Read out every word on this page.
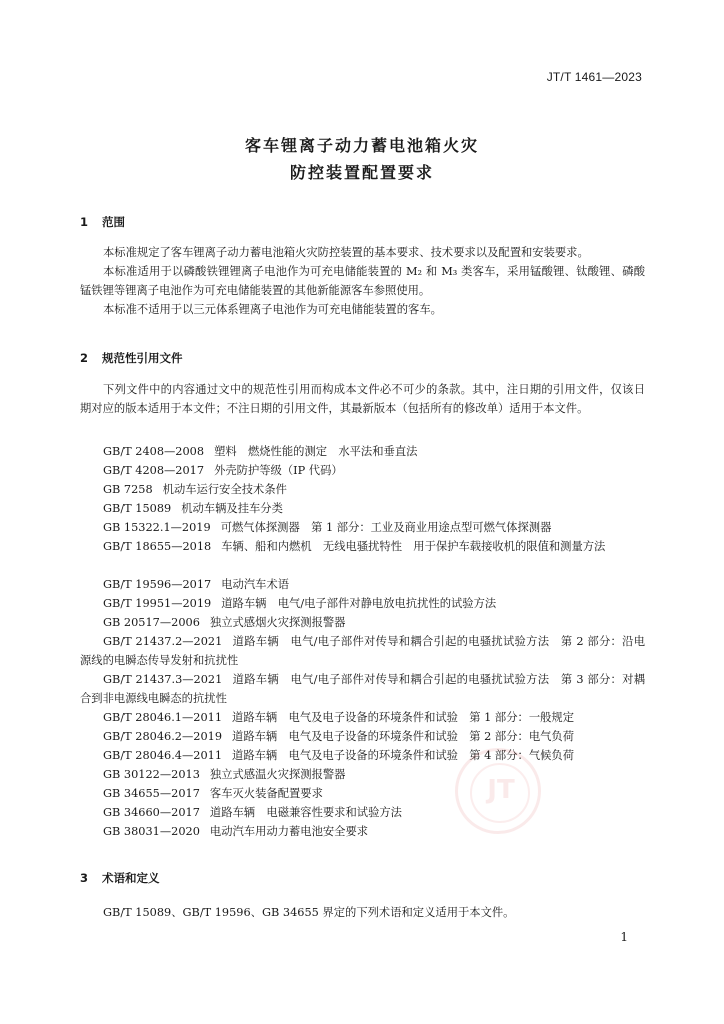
JT/T 1461—2023
客车锂离子动力蓄电池箱火灾
防控装置配置要求
1 范围
本标准规定了客车锂离子动力蓄电池箱火灾防控装置的基本要求、技术要求以及配置和安装要求。
本标准适用于以磷酸铁锂锂离子电池作为可充电储能装置的 M₂ 和 M₃ 类客车，采用锰酸锂、钛酸锂、磷酸锰铁锂等锂离子电池作为可充电储能装置的其他新能源客车参照使用。
本标准不适用于以三元体系锂离子电池作为可充电储能装置的客车。
2 规范性引用文件
下列文件中的内容通过文中的规范性引用而构成本文件必不可少的条款。其中，注日期的引用文件，仅该日期对应的版本适用于本文件；不注日期的引用文件，其最新版本（包括所有的修改单）适用于本文件。
GB/T 2408—2008 塑料　燃烧性能的测定　水平法和垂直法
GB/T 4208—2017 外壳防护等级（IP 代码）
GB 7258 机动车运行安全技术条件
GB/T 15089 机动车辆及挂车分类
GB 15322.1—2019 可燃气体探测器　第 1 部分：工业及商业用途点型可燃气体探测器
GB/T 18655—2018 车辆、船和内燃机　无线电骚扰特性　用于保护车载接收机的限值和测量方法
GB/T 19596—2017 电动汽车术语
GB/T 19951—2019 道路车辆　电气/电子部件对静电放电抗扰性的试验方法
GB 20517—2006 独立式感烟火灾探测报警器
GB/T 21437.2—2021 道路车辆　电气/电子部件对传导和耦合引起的电骚扰试验方法　第 2 部分：沿电源线的电瞬态传导发射和抗扰性
GB/T 21437.3—2021 道路车辆　电气/电子部件对传导和耦合引起的电骚扰试验方法　第 3 部分：对耦合到非电源线电瞬态的抗扰性
GB/T 28046.1—2011 道路车辆　电气及电子设备的环境条件和试验　第 1 部分：一般规定
GB/T 28046.2—2019 道路车辆　电气及电子设备的环境条件和试验　第 2 部分：电气负荷
GB/T 28046.4—2011 道路车辆　电气及电子设备的环境条件和试验　第 4 部分：气候负荷
GB 30122—2013 独立式感温火灾探测报警器
GB 34655—2017 客车灭火装备配置要求
GB 34660—2017 道路车辆　电磁兼容性要求和试验方法
GB 38031—2020 电动汽车用动力蓄电池安全要求
3 术语和定义
GB/T 15089、GB/T 19596、GB 34655 界定的下列术语和定义适用于本文件。
1
JT
